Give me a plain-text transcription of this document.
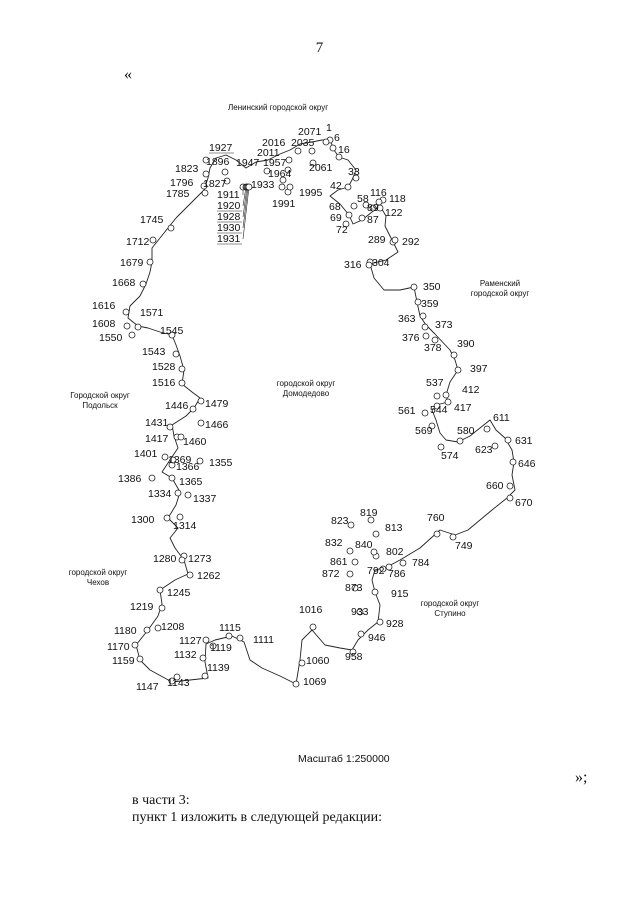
7
«
Ленинский городской округ
Раменский
городской округ
городской округ
Домодедово
Городской округ
Подольск
городской округ
Чехов
городской округ
Ступино
1
6
16
33
42
58
68
69
72
87
89
116 118
122
289 292
304
316
350
359
363 373
376
378 390
397
412
417
537
544
561
569
574
580
611
623
631
646
660
670
749
760
784
786
792
802
813
819
823
832 840
861
872
873	915
928
933
946
958
1016
1060
1069
1111
1115
1119
1127
1132
1139
1143
1147
1159
1170
1180 1208
1219
1245
1262
1273
1280
1300 1314
1334 1337
1355
1365
1366
1369
1386
1401
1417
1431
1446
1460
1466
1479
1516
1528
1543
1545
1550
1571
1608
1616
1668
1679
1712
1745
1785
1796
1823
1827
1896
1911
1920
1927
1928
1930
1931
1933
1947 1957
1964
1991
1995
2011
2016 2035
2061
2071
Масштаб 1:250000
»;
в части 3:
пункт 1 изложить в следующей редакции:
